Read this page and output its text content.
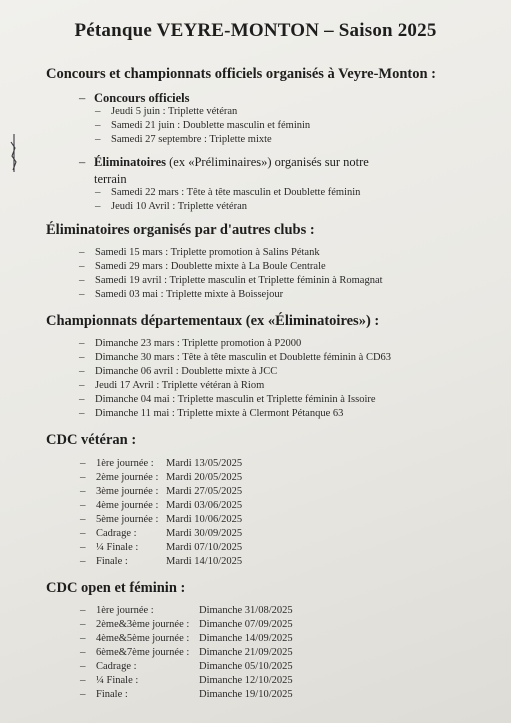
Pétanque VEYRE-MONTON – Saison 2025
Concours et championnats officiels organisés à Veyre-Monton :
– Concours officiels
– Jeudi 5 juin : Triplette vétéran
– Samedi 21 juin : Doublette masculin et féminin
– Samedi 27 septembre : Triplette mixte
– Éliminatoires (ex «Préliminaires») organisés sur notre
terrain
– Samedi 22 mars : Tête à tête masculin et Doublette féminin
– Jeudi 10 Avril : Triplette vétéran
Éliminatoires organisés par d'autres clubs :
– Samedi 15 mars : Triplette promotion à Salins Pétank
– Samedi 29 mars : Doublette mixte à La Boule Centrale
– Samedi 19 avril : Triplette masculin et Triplette féminin à Romagnat
– Samedi 03 mai : Triplette mixte à Boissejour
Championnats départementaux (ex «Éliminatoires») :
– Dimanche 23 mars : Triplette promotion à P2000
– Dimanche 30 mars : Tête à tête masculin et Doublette féminin à CD63
– Dimanche 06 avril : Doublette mixte à JCC
– Jeudi 17 Avril : Triplette vétéran à Riom
– Dimanche 04 mai : Triplette masculin et Triplette féminin à Issoire
– Dimanche 11 mai : Triplette mixte à Clermont Pétanque 63
CDC vétéran :
– 1ère journée : Mardi 13/05/2025
– 2ème journée : Mardi 20/05/2025
– 3ème journée : Mardi 27/05/2025
– 4ème journée : Mardi 03/06/2025
– 5ème journée : Mardi 10/06/2025
– Cadrage :	Mardi 30/09/2025
– ¼ Finale :	Mardi 07/10/2025
– Finale :	Mardi 14/10/2025
CDC open et féminin :
– 1ère journée :	Dimanche 31/08/2025
– 2ème&3ème journée : Dimanche 07/09/2025
– 4ème&5ème journée : Dimanche 14/09/2025
– 6ème&7ème journée : Dimanche 21/09/2025
– Cadrage :	Dimanche 05/10/2025
– ¼ Finale :	Dimanche 12/10/2025
– Finale :	Dimanche 19/10/2025
